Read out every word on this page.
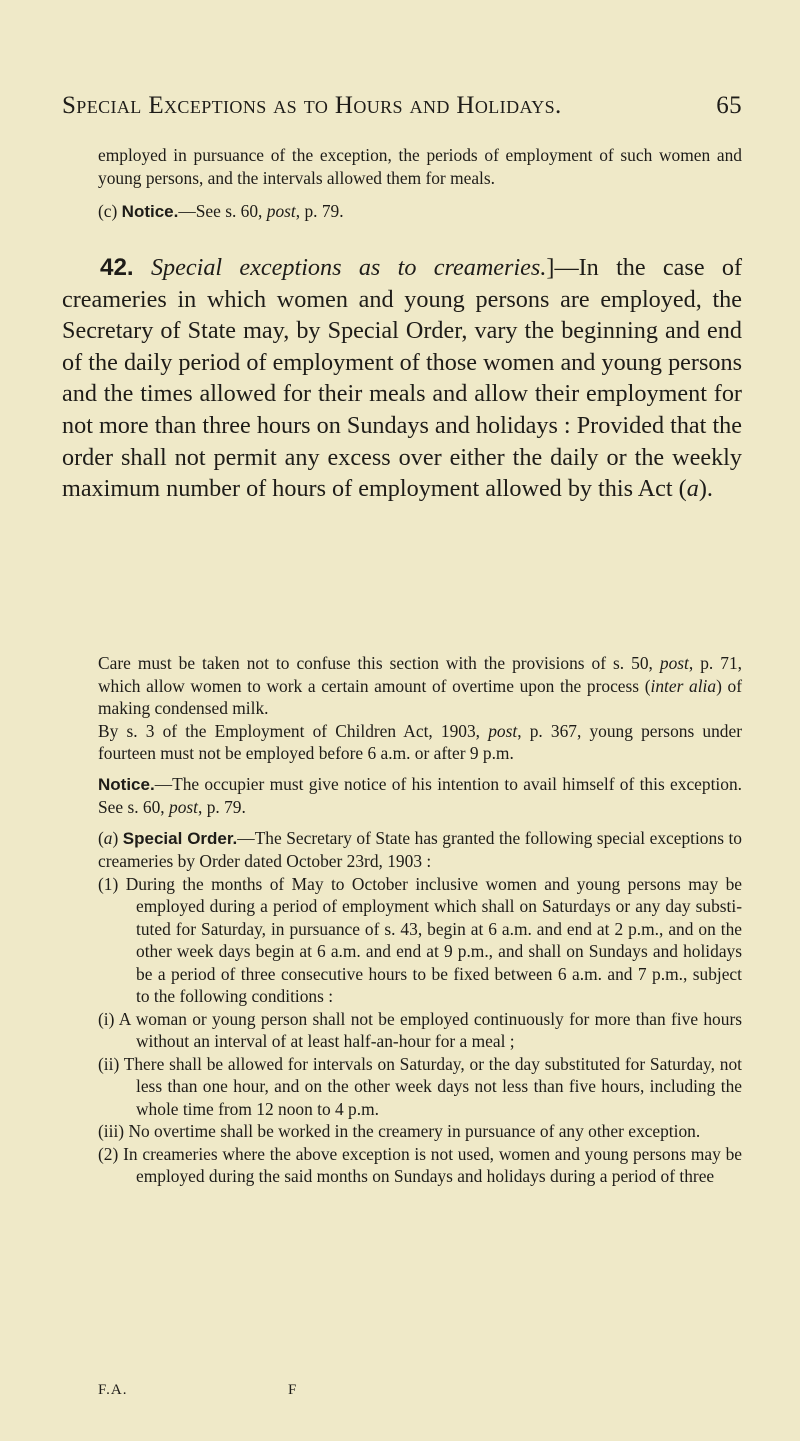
Special Exceptions as to Hours and Holidays.	65

employed in pursuance of the exception, the periods of employment of such women and young persons, and the intervals allowed them for meals.

(c) Notice.—See s. 60, post, p. 79.

42. Special exceptions as to creameries.]—In the case of creameries in which women and young persons are employed, the Secretary of State may, by Special Order, vary the beginning and end of the daily period of employment of those women and young persons and the times allowed for their meals and allow their employment for not more than three hours on Sundays and holidays : Provided that the order shall not permit any excess over either the daily or the weekly maximum number of hours of employment allowed by this Act (a).

Care must be taken not to confuse this section with the provisions of s. 50, post, p. 71, which allow women to work a certain amount of overtime upon the process (inter alia) of making condensed milk.

By s. 3 of the Employment of Children Act, 1903, post, p. 367, young persons under fourteen must not be employed before 6 a.m. or after 9 p.m.

Notice.—The occupier must give notice of his intention to avail himself of this exception. See s. 60, post, p. 79.

(a) Special Order.—The Secretary of State has granted the following special exceptions to creameries by Order dated October 23rd, 1903 :

(1) During the months of May to October inclusive women and young persons may be employed during a period of employment which shall on Saturdays or any day substituted for Saturday, in pursuance of s. 43, begin at 6 a.m. and end at 2 p.m., and on the other week days begin at 6 a.m. and end at 9 p.m., and shall on Sundays and holidays be a period of three consecutive hours to be fixed between 6 a.m. and 7 p.m., subject to the following conditions :

(i) A woman or young person shall not be employed continuously for more than five hours without an interval of at least half-an-hour for a meal ;

(ii) There shall be allowed for intervals on Saturday, or the day substituted for Saturday, not less than one hour, and on the other week days not less than five hours, including the whole time from 12 noon to 4 p.m.

(iii) No overtime shall be worked in the creamery in pursuance of any other exception.

(2) In creameries where the above exception is not used, women and young persons may be employed during the said months on Sundays and holidays during a period of three

F.A.	F
